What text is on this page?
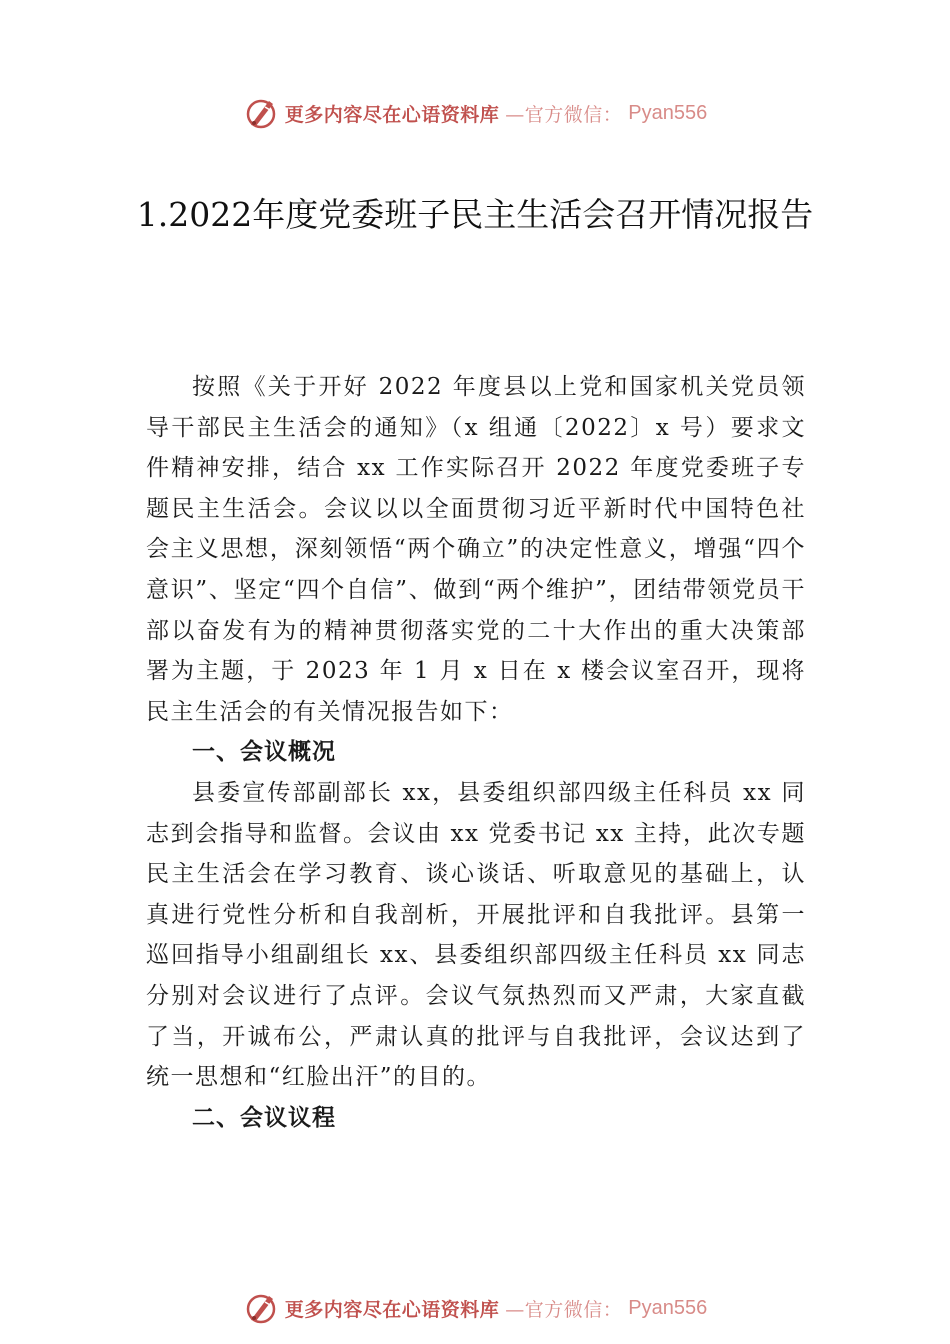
更多内容尽在心语资料库 —官方微信： Pyan556
1.2022年度党委班子民主生活会召开情况报告

按照《关于开好 2022 年度县以上党和国家机关党员领导干部民主生活会的通知》（x 组通〔2022〕x 号）要求文件精神安排，结合 xx 工作实际召开 2022 年度党委班子专题民主生活会。会议以以全面贯彻习近平新时代中国特色社会主义思想，深刻领悟“两个确立”的决定性意义，增强“四个意识”、坚定“四个自信”、做到“两个维护”，团结带领党员干部以奋发有为的精神贯彻落实党的二十大作出的重大决策部署为主题，于 2023 年 1 月 x 日在 x 楼会议室召开，现将民主生活会的有关情况报告如下：

一、会议概况

县委宣传部副部长 xx，县委组织部四级主任科员 xx 同志到会指导和监督。会议由 xx 党委书记 xx 主持，此次专题民主生活会在学习教育、谈心谈话、听取意见的基础上，认真进行党性分析和自我剖析，开展批评和自我批评。县第一巡回指导小组副组长 xx、县委组织部四级主任科员 xx 同志分别对会议进行了点评。会议气氛热烈而又严肃，大家直截了当，开诚布公，严肃认真的批评与自我批评，会议达到了统一思想和“红脸出汗”的目的。

二、会议议程
更多内容尽在心语资料库 —官方微信： Pyan556
